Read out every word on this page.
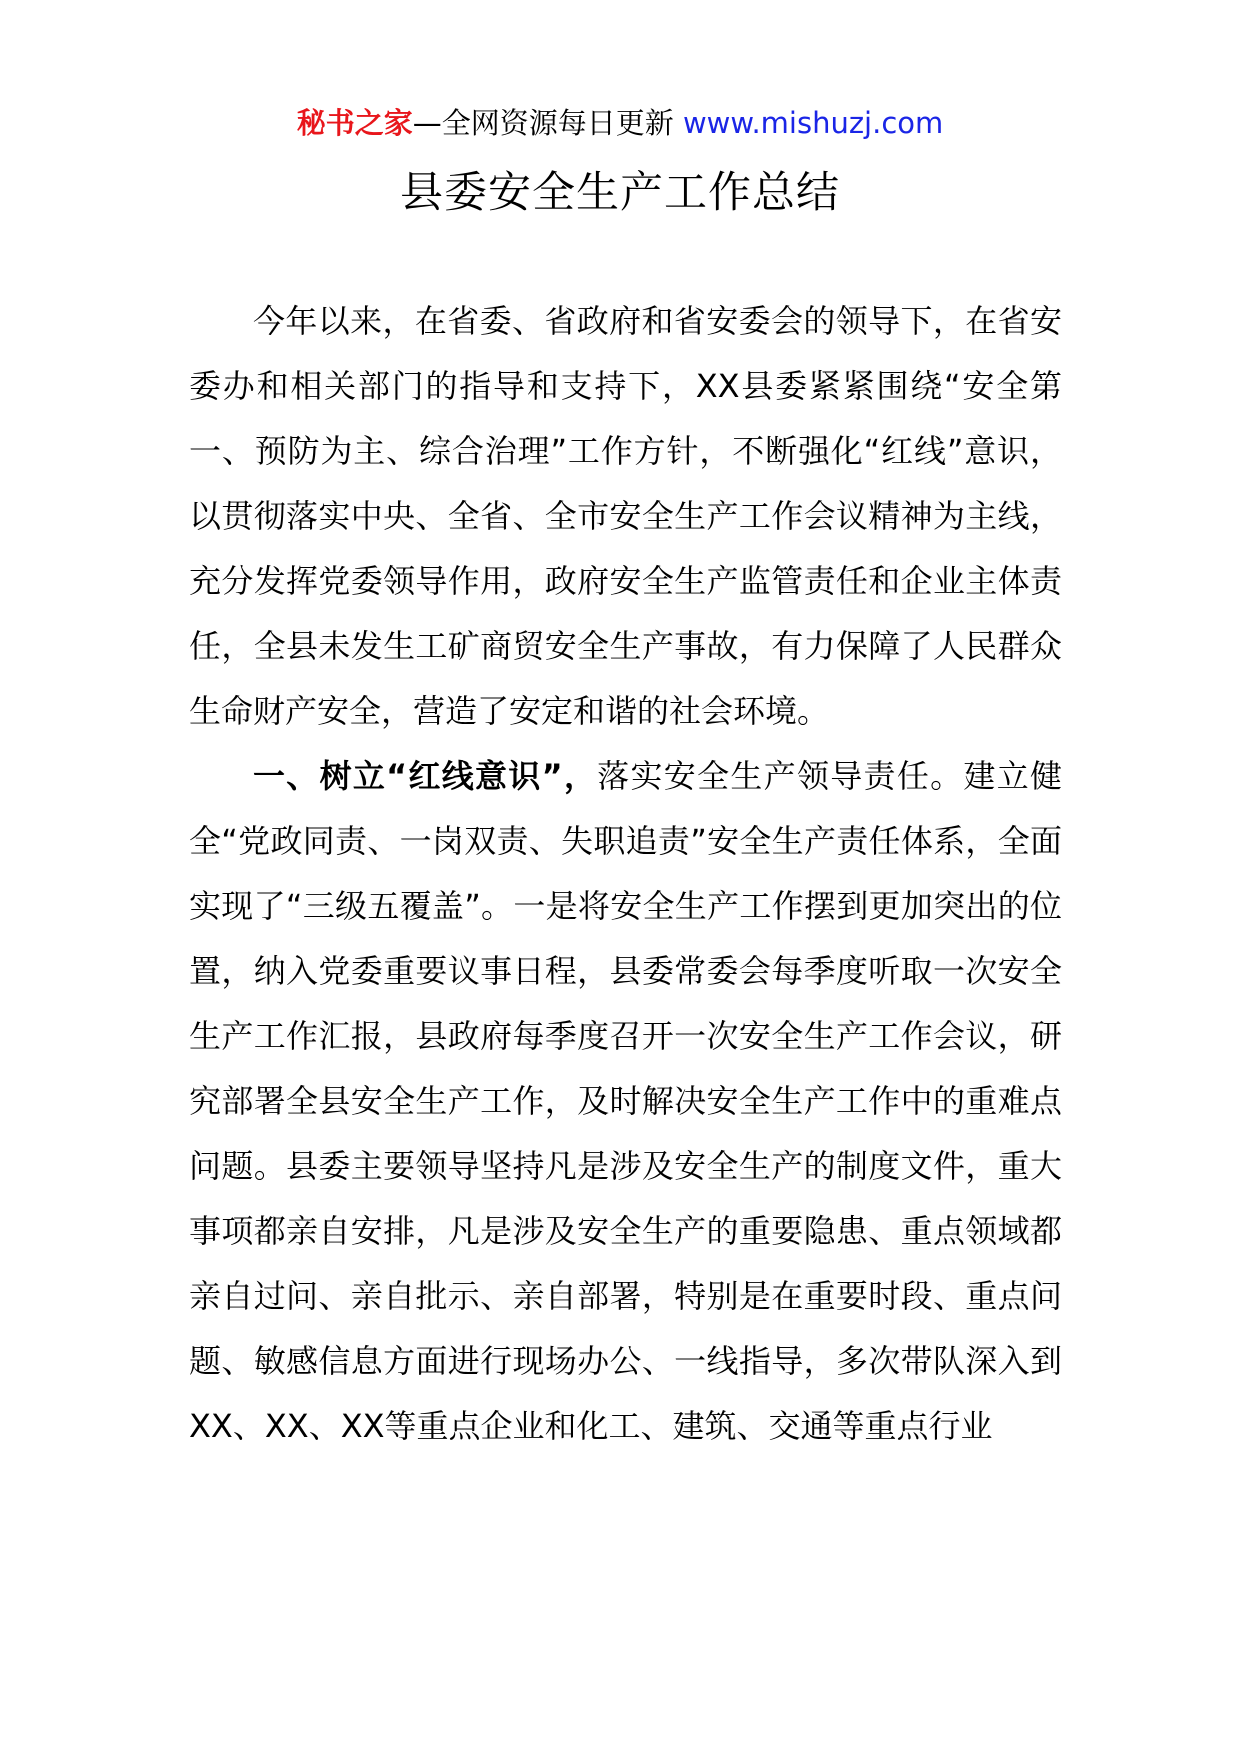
秘书之家—全网资源每日更新 www.mishuzj.com
县委安全生产工作总结

今年以来，在省委、省政府和省安委会的领导下，在省安委办和相关部门的指导和支持下，XX县委紧紧围绕“安全第一、预防为主、综合治理”工作方针，不断强化“红线”意识，以贯彻落实中央、全省、全市安全生产工作会议精神为主线，充分发挥党委领导作用，政府安全生产监管责任和企业主体责任，全县未发生工矿商贸安全生产事故，有力保障了人民群众生命财产安全，营造了安定和谐的社会环境。

一、树立“红线意识”，落实安全生产领导责任。建立健全“党政同责、一岗双责、失职追责”安全生产责任体系，全面实现了“三级五覆盖”。一是将安全生产工作摆到更加突出的位置，纳入党委重要议事日程，县委常委会每季度听取一次安全生产工作汇报，县政府每季度召开一次安全生产工作会议，研究部署全县安全生产工作，及时解决安全生产工作中的重难点问题。县委主要领导坚持凡是涉及安全生产的制度文件，重大事项都亲自安排，凡是涉及安全生产的重要隐患、重点领域都亲自过问、亲自批示、亲自部署，特别是在重要时段、重点问题、敏感信息方面进行现场办公、一线指导，多次带队深入到XX、XX、XX等重点企业和化工、建筑、交通等重点行业
